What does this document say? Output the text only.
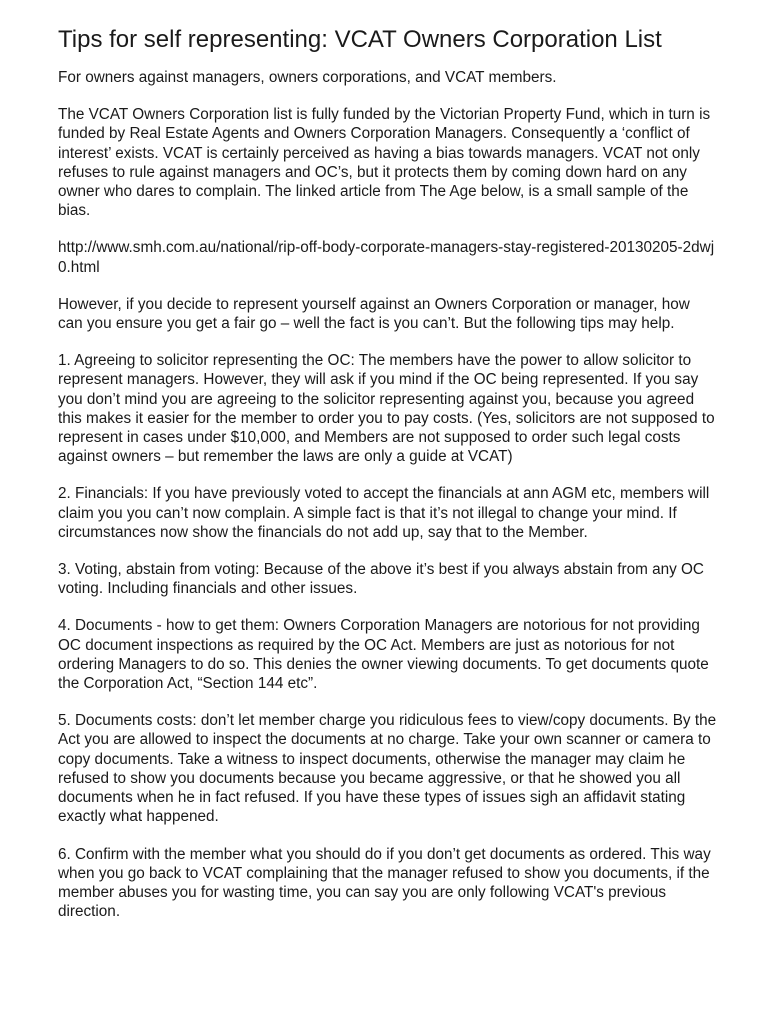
Tips for self representing: VCAT Owners Corporation List

For owners against managers, owners corporations, and VCAT members.

The VCAT Owners Corporation list is fully funded by the Victorian Property Fund, which in turn is funded by Real Estate Agents and Owners Corporation Managers. Consequently a ‘conflict of interest’ exists. VCAT is certainly perceived as having a bias towards managers. VCAT not only refuses to rule against managers and OC’s, but it protects them by coming down hard on any owner who dares to complain. The linked article from The Age below, is a small sample of the bias.

http://www.smh.com.au/national/rip-off-body-corporate-managers-stay-registered-20130205-2dwj0.html

However, if you decide to represent yourself against an Owners Corporation or manager, how can you ensure you get a fair go – well the fact is you can’t. But the following tips may help.

1. Agreeing to solicitor representing the OC: The members have the power to allow solicitor to represent managers. However, they will ask if you mind if the OC being represented. If you say you don’t mind you are agreeing to the solicitor representing against you, because you agreed this makes it easier for the member to order you to pay costs. (Yes, solicitors are not supposed to represent in cases under $10,000, and Members are not supposed to order such legal costs against owners – but remember the laws are only a guide at VCAT)

2. Financials: If you have previously voted to accept the financials at ann AGM etc, members will claim you you can’t now complain. A simple fact is that it’s not illegal to change your mind. If circumstances now show the financials do not add up, say that to the Member.

3. Voting, abstain from voting: Because of the above it’s best if you always abstain from any OC voting. Including financials and other issues.

4. Documents - how to get them: Owners Corporation Managers are notorious for not providing OC document inspections as required by the OC Act. Members are just as notorious for not ordering Managers to do so. This denies the owner viewing documents. To get documents quote the Corporation Act, “Section 144 etc”.

5. Documents costs: don’t let member charge you ridiculous fees to view/copy documents. By the Act you are allowed to inspect the documents at no charge. Take your own scanner or camera to copy documents. Take a witness to inspect documents, otherwise the manager may claim he refused to show you documents because you became aggressive, or that he showed you all documents when he in fact refused. If you have these types of issues sigh an affidavit stating exactly what happened.

6. Confirm with the member what you should do if you don’t get documents as ordered. This way when you go back to VCAT complaining that the manager refused to show you documents, if the member abuses you for wasting time, you can say you are only following VCAT's previous direction.
